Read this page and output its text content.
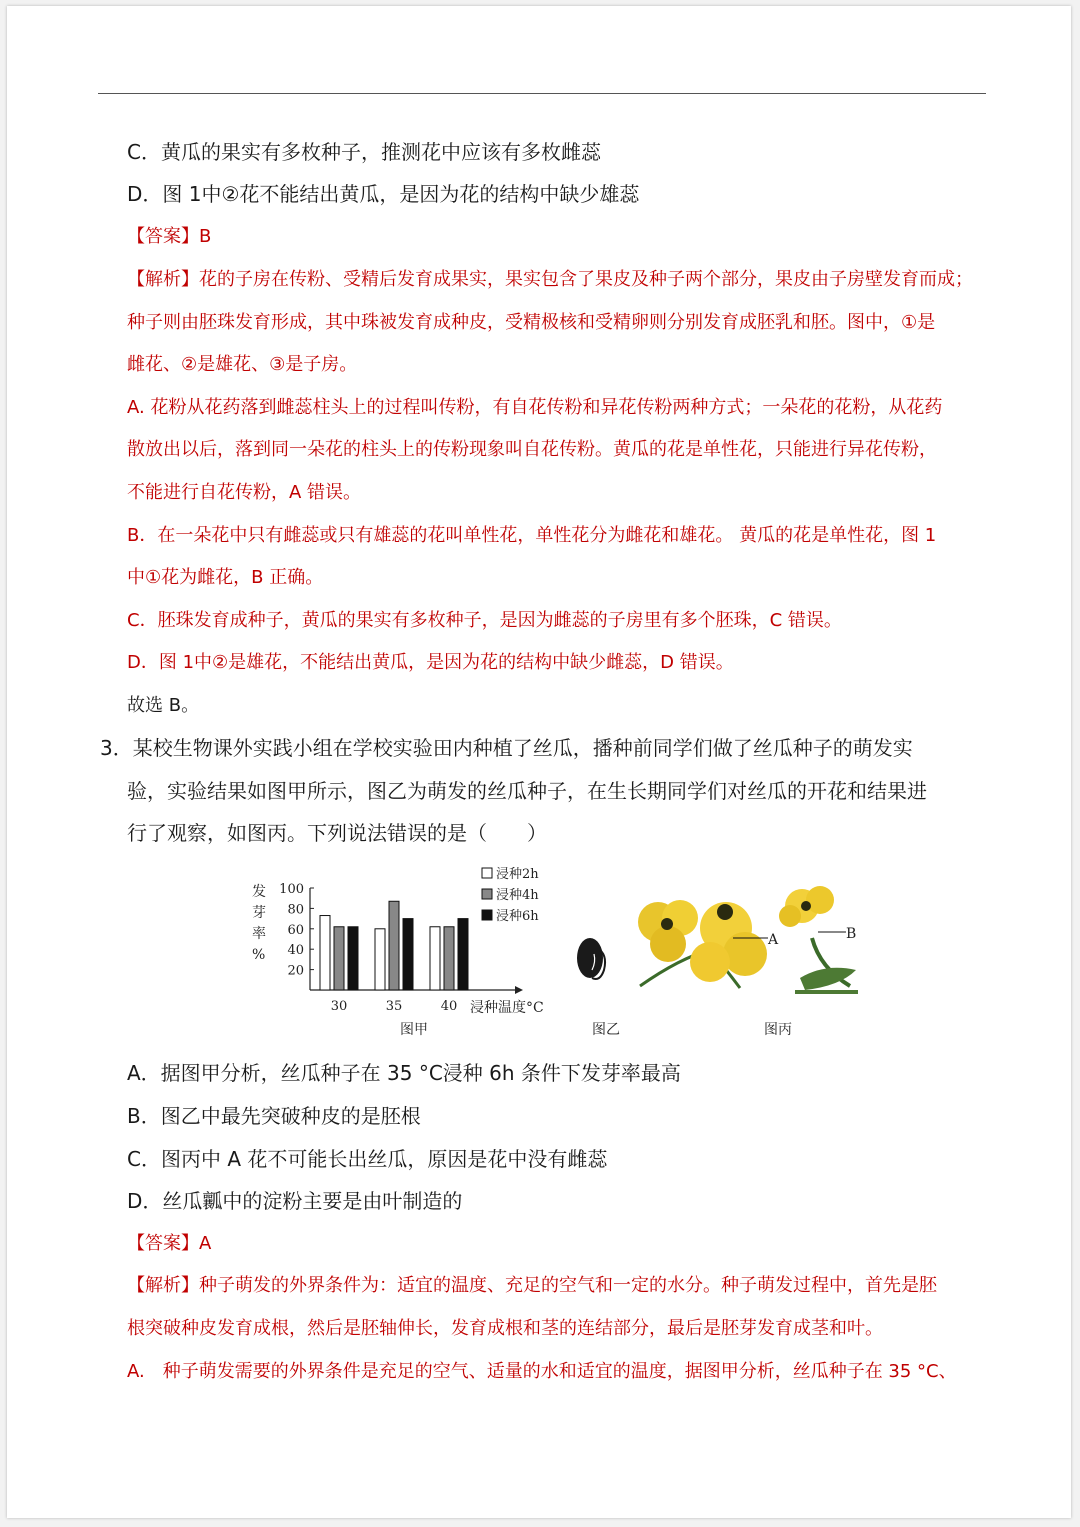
C．黄瓜的果实有多枚种子，推测花中应该有多枚雌蕊
D．图 1中②花不能结出黄瓜，是因为花的结构中缺少雄蕊
【答案】B
【解析】花的子房在传粉、受精后发育成果实，果实包含了果皮及种子两个部分，果皮由子房壁发育而成；
种子则由胚珠发育形成，其中珠被发育成种皮，受精极核和受精卵则分别发育成胚乳和胚。图中，①是
雌花、②是雄花、③是子房。
A. 花粉从花药落到雌蕊柱头上的过程叫传粉，有自花传粉和异花传粉两种方式；一朵花的花粉，从花药
散放出以后，落到同一朵花的柱头上的传粉现象叫自花传粉。黄瓜的花是单性花，只能进行异花传粉，
不能进行自花传粉，A 错误。
B．在一朵花中只有雌蕊或只有雄蕊的花叫单性花，单性花分为雌花和雄花。 黄瓜的花是单性花，图 1
中①花为雌花，B 正确。
C．胚珠发育成种子，黄瓜的果实有多枚种子，是因为雌蕊的子房里有多个胚珠，C 错误。
D．图 1中②是雄花，不能结出黄瓜，是因为花的结构中缺少雌蕊，D 错误。
故选 B。
3．某校生物课外实践小组在学校实验田内种植了丝瓜，播种前同学们做了丝瓜种子的萌发实
验，实验结果如图甲所示，图乙为萌发的丝瓜种子，在生长期同学们对丝瓜的开花和结果进
行了观察，如图丙。下列说法错误的是（　　）
发
芽
率
%
100
80
60
40
20
30	35	40 浸种温度°C
浸种2h
浸种4h
浸种6h
图甲	图乙
A	B
图丙
A．据图甲分析，丝瓜种子在 35 °C浸种 6h 条件下发芽率最高
B．图乙中最先突破种皮的是胚根
C．图丙中 A 花不可能长出丝瓜，原因是花中没有雌蕊
D．丝瓜瓤中的淀粉主要是由叶制造的
【答案】A
【解析】种子萌发的外界条件为：适宜的温度、充足的空气和一定的水分。种子萌发过程中，首先是胚
根突破种皮发育成根，然后是胚轴伸长，发育成根和茎的连结部分，最后是胚芽发育成茎和叶。
A.　种子萌发需要的外界条件是充足的空气、适量的水和适宜的温度，据图甲分析，丝瓜种子在 35 °C、
